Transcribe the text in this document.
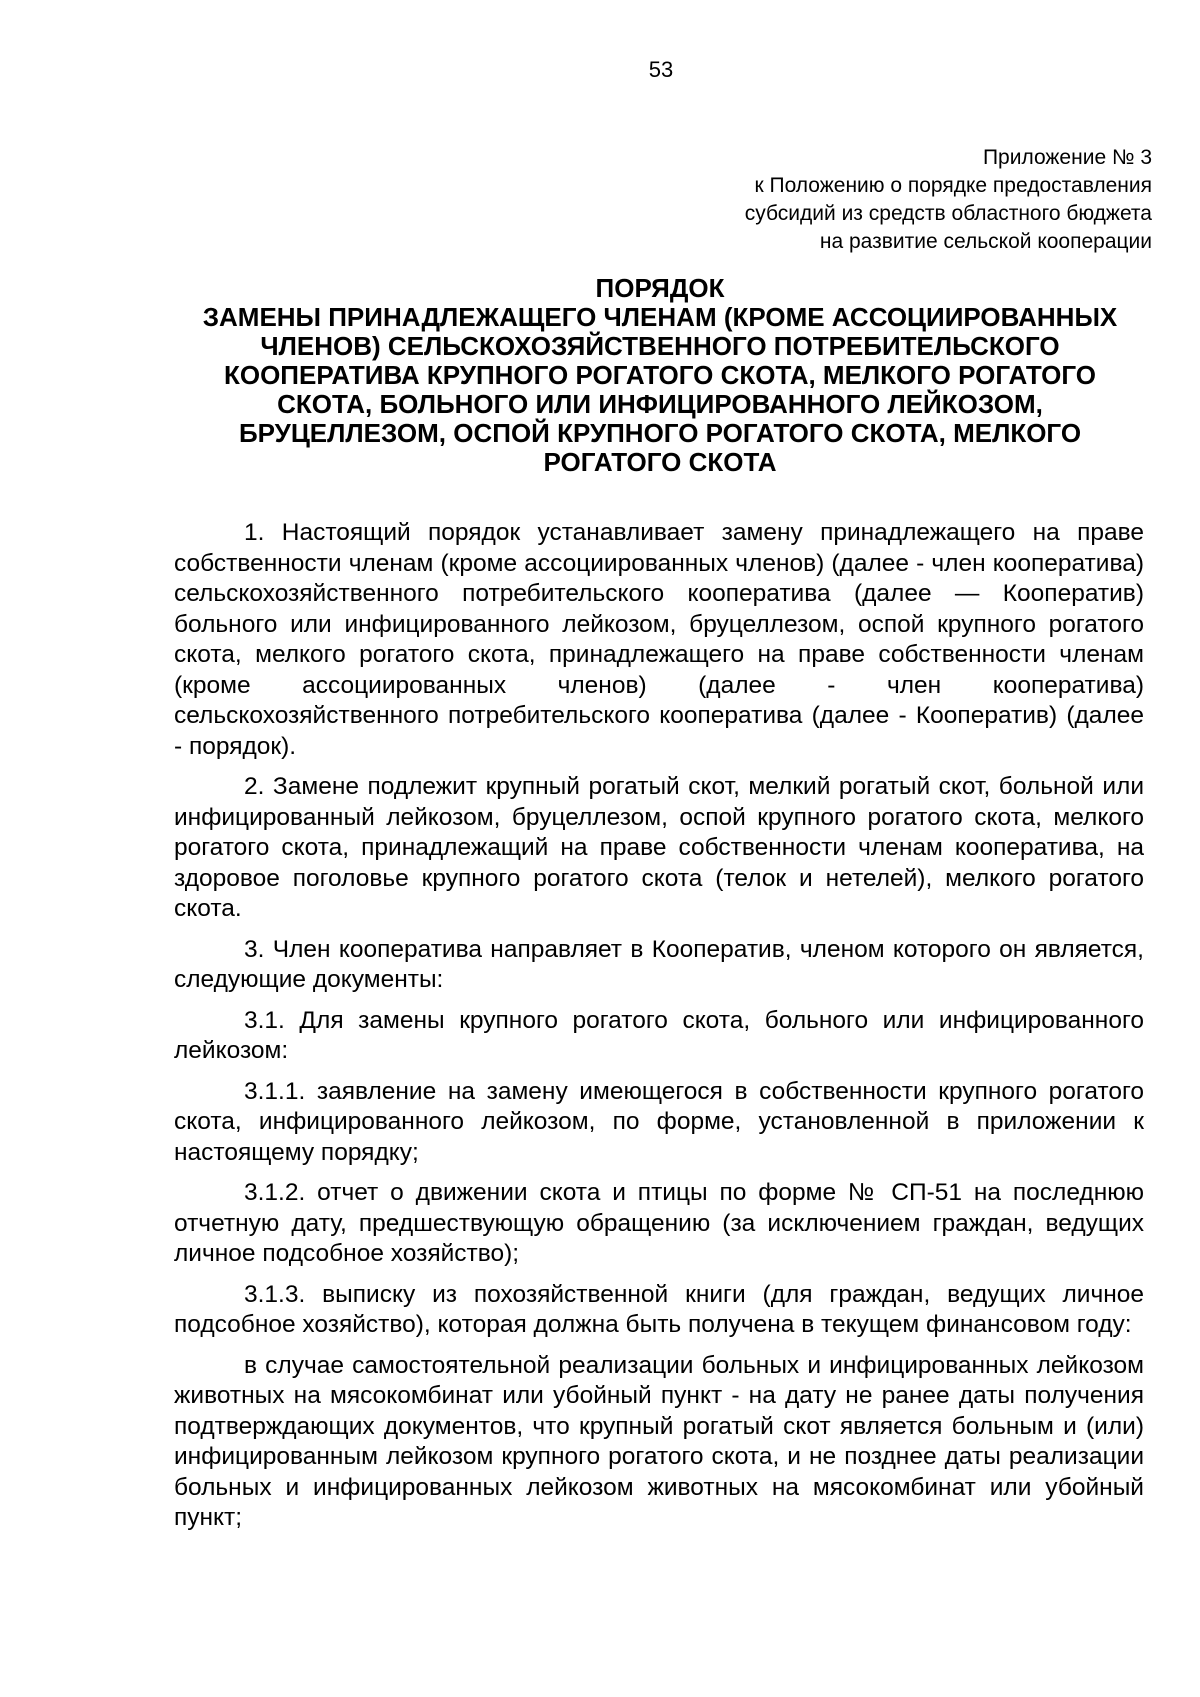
53
Приложение № 3
к Положению о порядке предоставления
субсидий из средств областного бюджета
на развитие сельской кооперации
ПОРЯДОК
ЗАМЕНЫ ПРИНАДЛЕЖАЩЕГО ЧЛЕНАМ (КРОМЕ АССОЦИИРОВАННЫХ
ЧЛЕНОВ) СЕЛЬСКОХОЗЯЙСТВЕННОГО ПОТРЕБИТЕЛЬСКОГО
КООПЕРАТИВА КРУПНОГО РОГАТОГО СКОТА, МЕЛКОГО РОГАТОГО
СКОТА, БОЛЬНОГО ИЛИ ИНФИЦИРОВАННОГО ЛЕЙКОЗОМ,
БРУЦЕЛЛЕЗОМ, ОСПОЙ КРУПНОГО РОГАТОГО СКОТА, МЕЛКОГО
РОГАТОГО СКОТА

1. Настоящий порядок устанавливает замену принадлежащего на праве собственности членам (кроме ассоциированных членов) (далее - член кооператива) сельскохозяйственного потребительского кооператива (далее — Кооператив) больного или инфицированного лейкозом, бруцеллезом, оспой крупного рогатого скота, мелкого рогатого скота, принадлежащего на праве собственности членам (кроме ассоциированных членов) (далее - член кооператива) сельскохозяйственного потребительского кооператива (далее - Кооператив) (далее - порядок).

2. Замене подлежит крупный рогатый скот, мелкий рогатый скот, больной или инфицированный лейкозом, бруцеллезом, оспой крупного рогатого скота, мелкого рогатого скота, принадлежащий на праве собственности членам кооператива, на здоровое поголовье крупного рогатого скота (телок и нетелей), мелкого рогатого скота.

3. Член кооператива направляет в Кооператив, членом которого он является, следующие документы:

3.1. Для замены крупного рогатого скота, больного или инфицированного лейкозом:

3.1.1. заявление на замену имеющегося в собственности крупного рогатого скота, инфицированного лейкозом, по форме, установленной в приложении к настоящему порядку;

3.1.2. отчет о движении скота и птицы по форме № СП-51 на последнюю отчетную дату, предшествующую обращению (за исключением граждан, ведущих личное подсобное хозяйство);

3.1.3. выписку из похозяйственной книги (для граждан, ведущих личное подсобное хозяйство), которая должна быть получена в текущем финансовом году:

в случае самостоятельной реализации больных и инфицированных лейкозом животных на мясокомбинат или убойный пункт - на дату не ранее даты получения подтверждающих документов, что крупный рогатый скот является больным и (или) инфицированным лейкозом крупного рогатого скота, и не позднее даты реализации больных и инфицированных лейкозом животных на мясокомбинат или убойный пункт;
